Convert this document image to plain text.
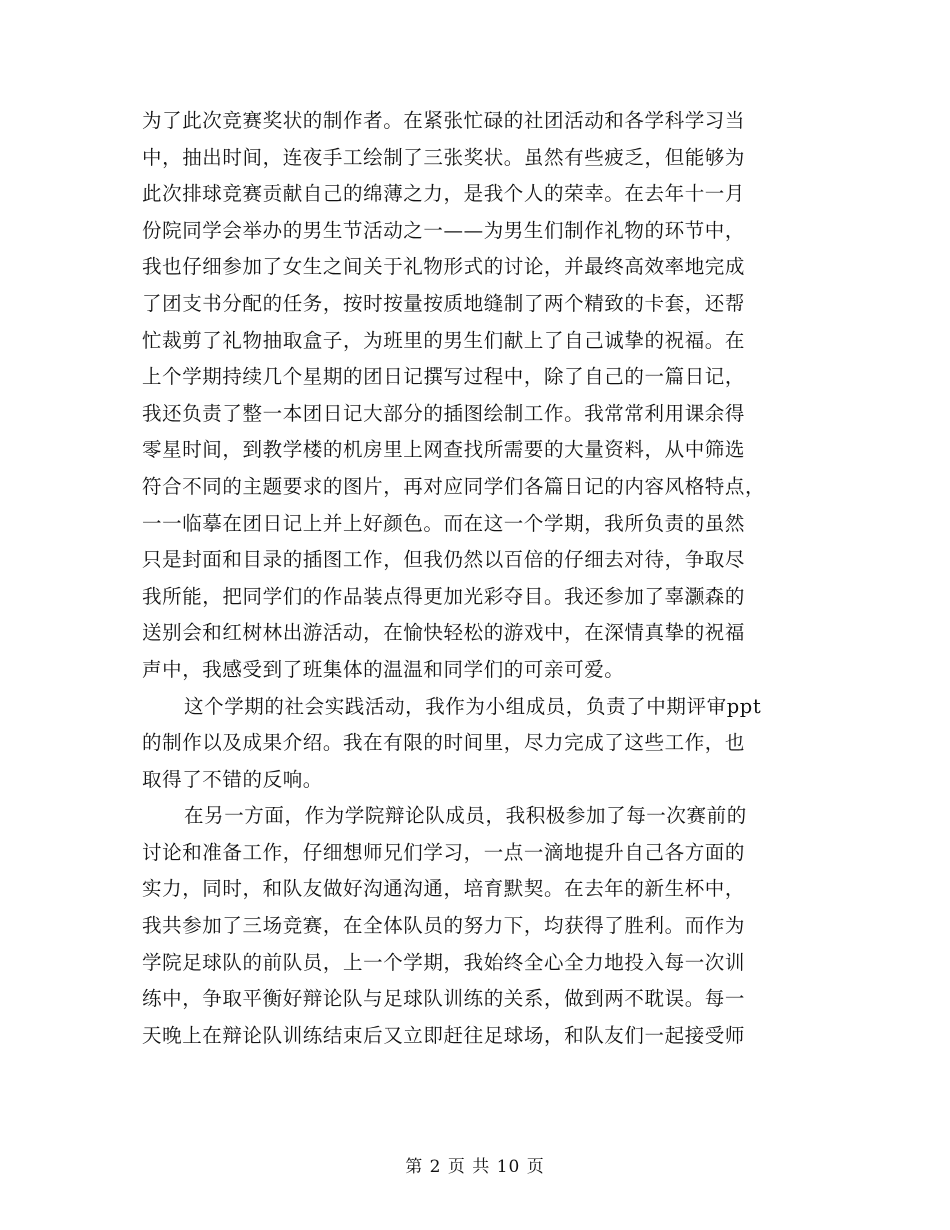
为了此次竞赛奖状的制作者。在紧张忙碌的社团活动和各学科学习当
中，抽出时间，连夜手工绘制了三张奖状。虽然有些疲乏，但能够为
此次排球竞赛贡献自己的绵薄之力，是我个人的荣幸。在去年十一月
份院同学会举办的男生节活动之一——为男生们制作礼物的环节中，
我也仔细参加了女生之间关于礼物形式的讨论，并最终高效率地完成
了团支书分配的任务，按时按量按质地缝制了两个精致的卡套，还帮
忙裁剪了礼物抽取盒子，为班里的男生们献上了自己诚挚的祝福。在
上个学期持续几个星期的团日记撰写过程中，除了自己的一篇日记，
我还负责了整一本团日记大部分的插图绘制工作。我常常利用课余得
零星时间，到教学楼的机房里上网查找所需要的大量资料，从中筛选
符合不同的主题要求的图片，再对应同学们各篇日记的内容风格特点，
一一临摹在团日记上并上好颜色。而在这一个学期，我所负责的虽然
只是封面和目录的插图工作，但我仍然以百倍的仔细去对待，争取尽
我所能，把同学们的作品装点得更加光彩夺目。我还参加了辜灏森的
送别会和红树林出游活动，在愉快轻松的游戏中，在深情真挚的祝福
声中，我感受到了班集体的温温和同学们的可亲可爱。
这个学期的社会实践活动，我作为小组成员，负责了中期评审ppt
的制作以及成果介绍。我在有限的时间里，尽力完成了这些工作，也
取得了不错的反响。
在另一方面，作为学院辩论队成员，我积极参加了每一次赛前的
讨论和准备工作，仔细想师兄们学习，一点一滴地提升自己各方面的
实力，同时，和队友做好沟通沟通，培育默契。在去年的新生杯中，
我共参加了三场竞赛，在全体队员的努力下，均获得了胜利。而作为
学院足球队的前队员，上一个学期，我始终全心全力地投入每一次训
练中，争取平衡好辩论队与足球队训练的关系，做到两不耽误。每一
天晚上在辩论队训练结束后又立即赶往足球场，和队友们一起接受师
第 2 页 共 10 页
